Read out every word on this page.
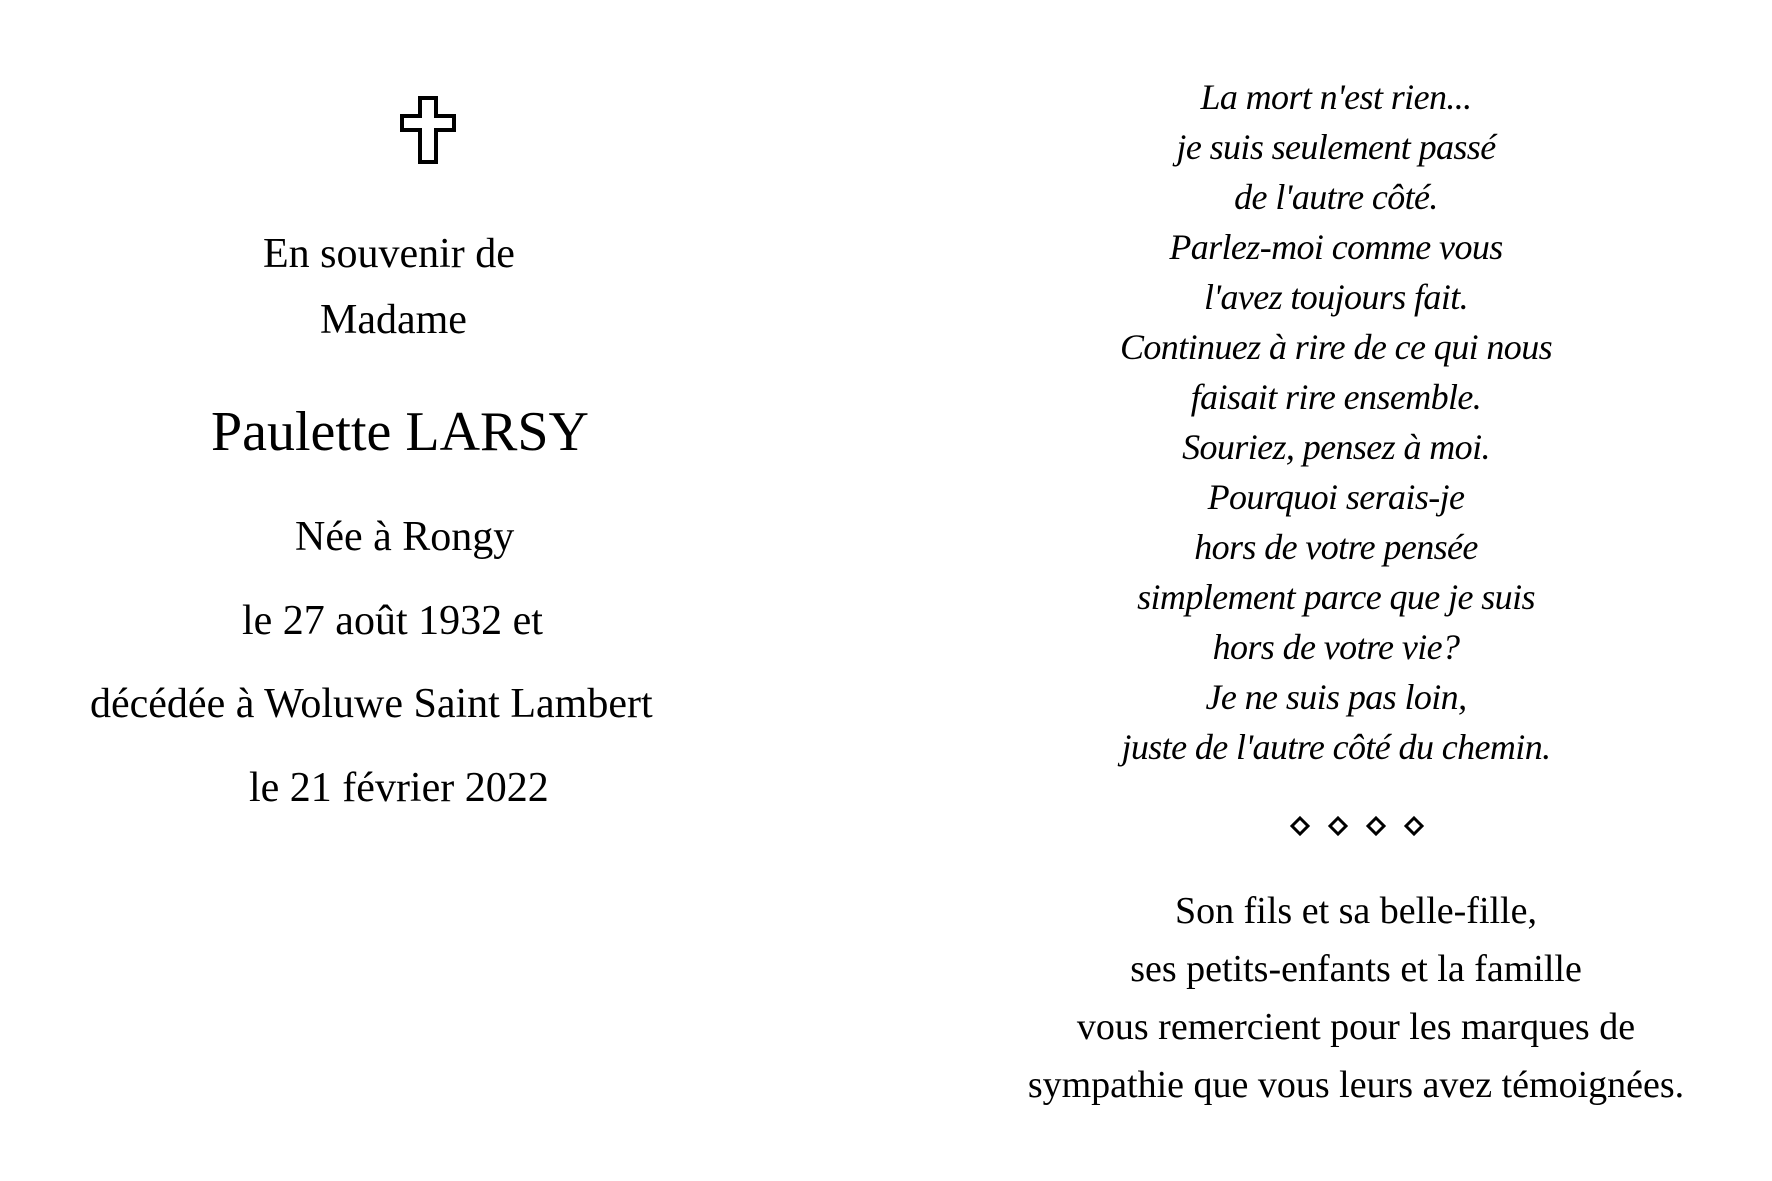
En souvenir de
Madame
Paulette LARSY
Née à Rongy
le 27 août 1932 et
décédée à Woluwe Saint Lambert
le 21 février 2022
La mort n'est rien...
je suis seulement passé
de l'autre côté.
Parlez-moi comme vous
l'avez toujours fait.
Continuez à rire de ce qui nous
faisait rire ensemble.
Souriez, pensez à moi.
Pourquoi serais-je
hors de votre pensée
simplement parce que je suis
hors de votre vie?
Je ne suis pas loin,
juste de l'autre côté du chemin.
Son fils et sa belle-fille,
ses petits-enfants et la famille
vous remercient pour les marques de
sympathie que vous leurs avez témoignées.
